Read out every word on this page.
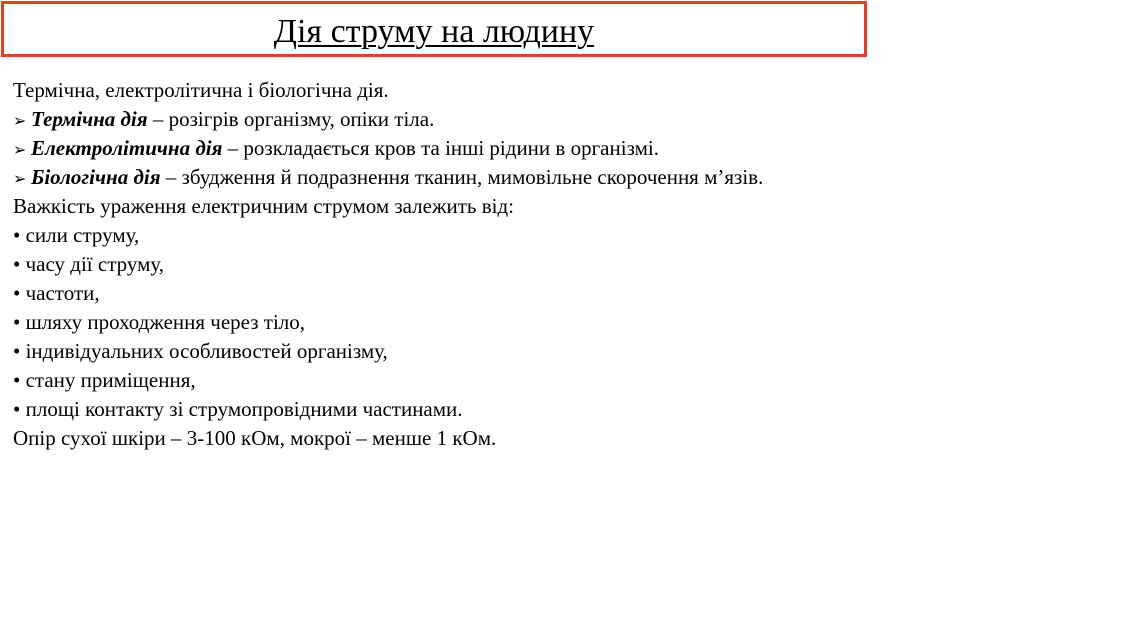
Дія струму на людину
Термічна, електролітична і біологічна дія.
➢ Термічна дія – розігрів організму, опіки тіла.
➢ Електролітична дія – розкладається кров та інші рідини в організмі.
➢ Біологічна дія – збудження й подразнення тканин, мимовільне скорочення м’язів.
Важкість ураження електричним струмом залежить від:
• сили струму,
• часу дії струму,
• частоти,
• шляху проходження через тіло,
• індивідуальних особливостей організму,
• стану приміщення,
• площі контакту зі струмопровідними частинами.
Опір сухої шкіри – 3-100 кОм, мокрої – менше 1 кОм.
